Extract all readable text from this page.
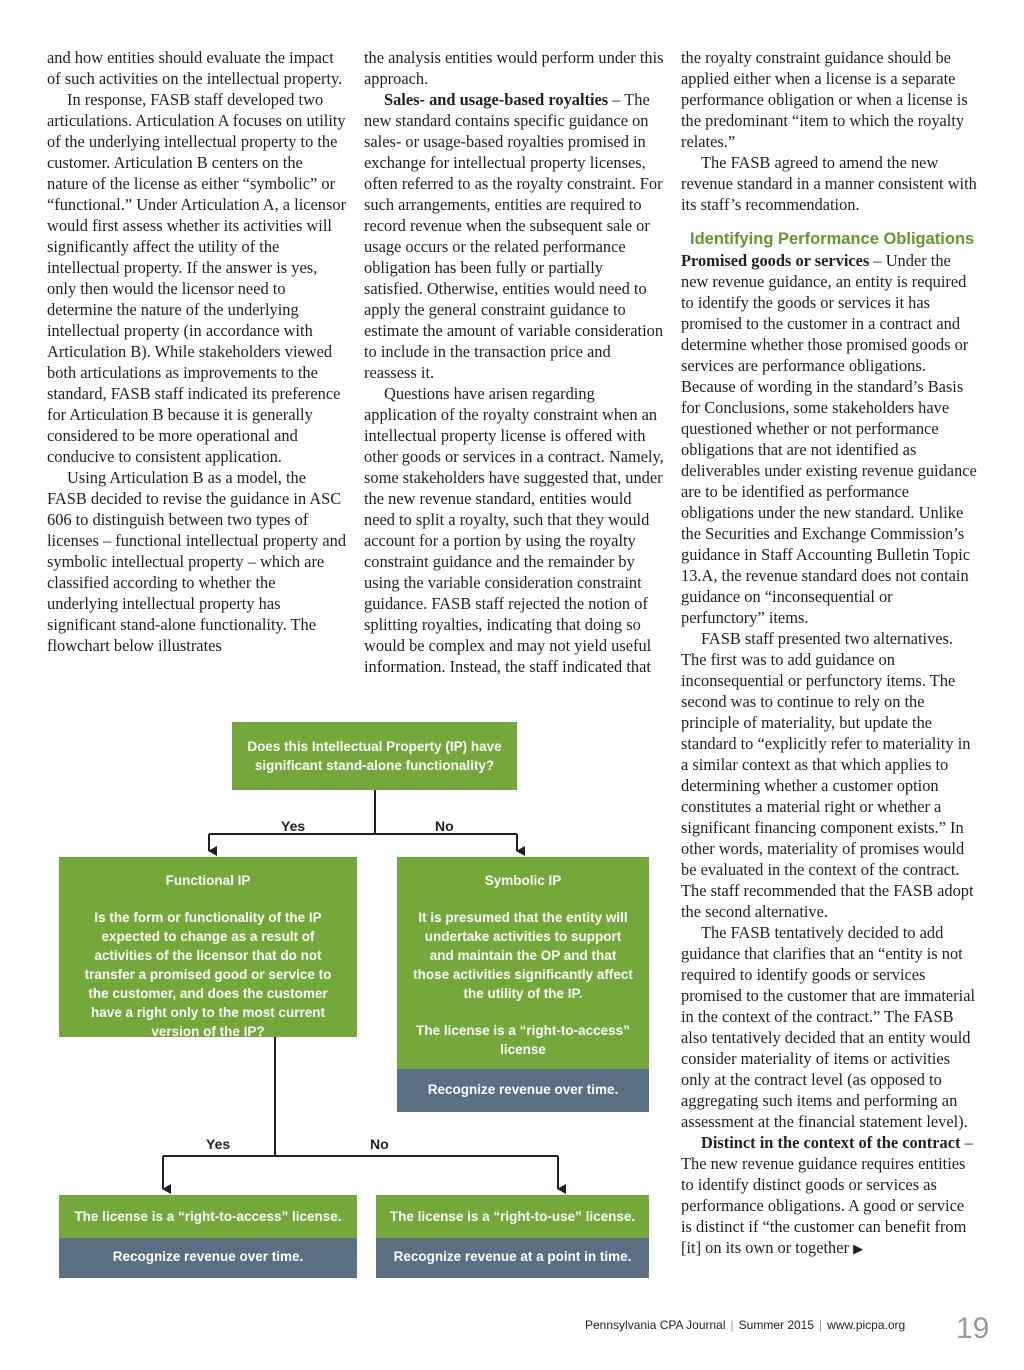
and how entities should evaluate the impact of such activities on the intellectual property.

In response, FASB staff developed two articulations. Articulation A focuses on utility of the underlying intellectual property to the customer. Articulation B centers on the nature of the license as either “symbolic” or “functional.” Under Articulation A, a licensor would first assess whether its activities will significantly affect the utility of the intellectual property. If the answer is yes, only then would the licensor need to determine the nature of the underlying intellectual property (in accordance with Articulation B). While stakeholders viewed both articulations as improvements to the standard, FASB staff indicated its preference for Articulation B because it is generally considered to be more operational and conducive to consistent application.

Using Articulation B as a model, the FASB decided to revise the guidance in ASC 606 to distinguish between two types of licenses – functional intellectual property and symbolic intellectual property – which are classified according to whether the underlying intellectual property has significant stand-alone functionality. The flowchart below illustrates

the analysis entities would perform under this approach.

Sales- and usage-based royalties – The new standard contains specific guidance on sales- or usage-based royalties promised in exchange for intellectual property licenses, often referred to as the royalty constraint. For such arrangements, entities are required to record revenue when the subsequent sale or usage occurs or the related performance obligation has been fully or partially satisfied. Otherwise, entities would need to apply the general constraint guidance to estimate the amount of variable consideration to include in the transaction price and reassess it.

Questions have arisen regarding application of the royalty constraint when an intellectual property license is offered with other goods or services in a contract. Namely, some stakeholders have suggested that, under the new revenue standard, entities would need to split a royalty, such that they would account for a portion by using the royalty constraint guidance and the remainder by using the variable consideration constraint guidance. FASB staff rejected the notion of splitting royalties, indicating that doing so would be complex and may not yield useful information. Instead, the staff indicated that

the royalty constraint guidance should be applied either when a license is a separate performance obligation or when a license is the predominant “item to which the royalty relates.”

The FASB agreed to amend the new revenue standard in a manner consistent with its staff’s recommendation.

Identifying Performance Obligations

Promised goods or services – Under the new revenue guidance, an entity is required to identify the goods or services it has promised to the customer in a contract and determine whether those promised goods or services are performance obligations. Because of wording in the standard’s Basis for Conclusions, some stakeholders have questioned whether or not performance obligations that are not identified as deliverables under existing revenue guidance are to be identified as performance obligations under the new standard. Unlike the Securities and Exchange Commission’s guidance in Staff Accounting Bulletin Topic 13.A, the revenue standard does not contain guidance on “inconsequential or perfunctory” items.

FASB staff presented two alternatives. The first was to add guidance on inconsequential or perfunctory items. The second was to continue to rely on the principle of materiality, but update the standard to “explicitly refer to materiality in a similar context as that which applies to determining whether a customer option constitutes a material right or whether a significant financing component exists.” In other words, materiality of promises would be evaluated in the context of the contract. The staff recommended that the FASB adopt the second alternative.

The FASB tentatively decided to add guidance that clarifies that an “entity is not required to identify goods or services promised to the customer that are immaterial in the context of the contract.” The FASB also tentatively decided that an entity would consider materiality of items or activities only at the contract level (as opposed to aggregating such items and performing an assessment at the financial statement level).

Distinct in the context of the contract – The new revenue guidance requires entities to identify distinct goods or services as performance obligations. A good or service is distinct if “the customer can benefit from [it] on its own or together ▶

Does this Intellectual Property (IP) have significant stand-alone functionality?
Yes	No
Functional IP
Is the form or functionality of the IP expected to change as a result of activities of the licensor that do not transfer a promised good or service to the customer, and does the customer have a right only to the most current version of the IP?
Symbolic IP
It is presumed that the entity will undertake activities to support and maintain the OP and that those activities significantly affect the utility of the IP.
The license is a “right-to-access” license
Recognize revenue over time.
Yes	No
The license is a “right-to-access” license.
Recognize revenue over time.
The license is a “right-to-use” license.
Recognize revenue at a point in time.
Pennsylvania CPA Journal | Summer 2015 | www.picpa.org 19
